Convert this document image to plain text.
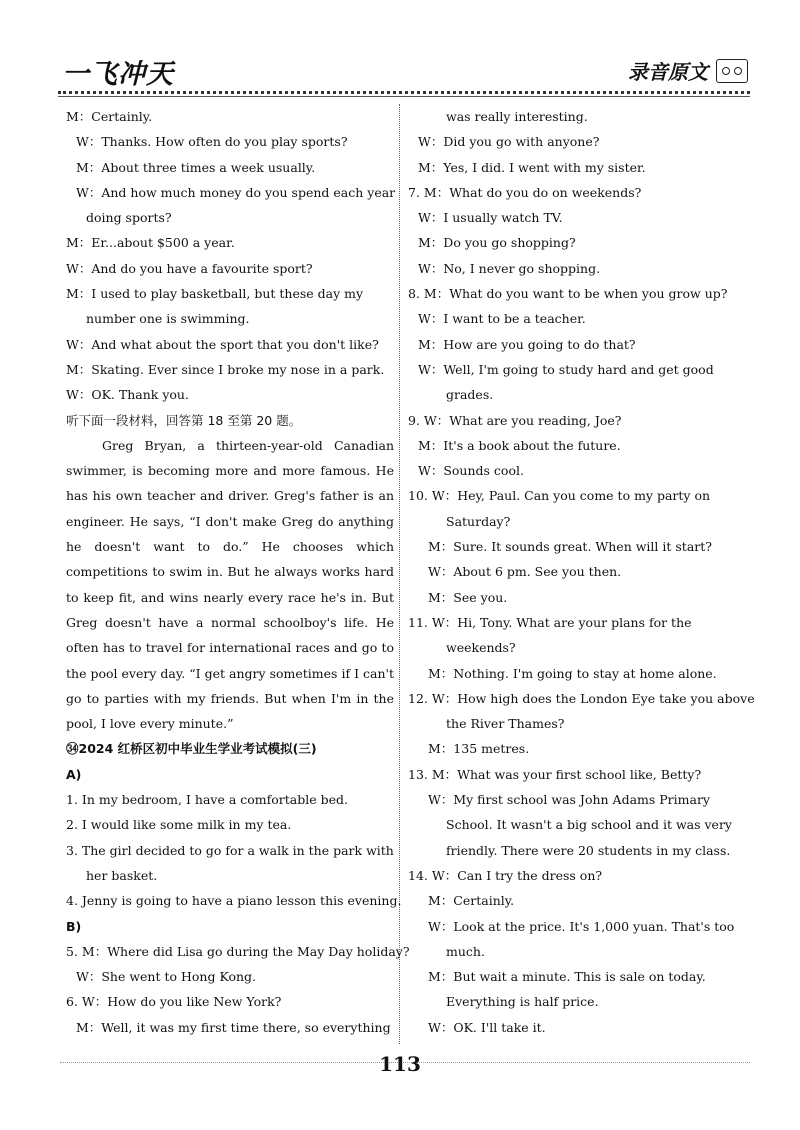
一飞冲天	录音原文
M：Certainly.
W：Thanks. How often do you play sports?
M：About three times a week usually.
W：And how much money do you spend each year
doing sports?
M：Er...about $500 a year.
W：And do you have a favourite sport?
M：I used to play basketball, but these day my
number one is swimming.
W：And what about the sport that you don't like?
M：Skating. Ever since I broke my nose in a park.
W：OK. Thank you.
听下面一段材料，回答第 18 至第 20 题。
Greg Bryan, a thirteen-year-old Canadian swimmer, is becoming more and more famous. He has his own teacher and driver. Greg's father is an engineer. He says, “I don't make Greg do anything he doesn't want to do.” He chooses which competitions to swim in. But he always works hard to keep fit, and wins nearly every race he's in. But Greg doesn't have a normal schoolboy's life. He often has to travel for international races and go to the pool every day. “I get angry sometimes if I can't go to parties with my friends. But when I'm in the pool, I love every minute.”
㉞2024 红桥区初中毕业生学业考试模拟(三)
A)
1. In my bedroom, I have a comfortable bed.
2. I would like some milk in my tea.
3. The girl decided to go for a walk in the park with
her basket.
4. Jenny is going to have a piano lesson this evening.
B)
5. M：Where did Lisa go during the May Day holiday?
W：She went to Hong Kong.
6. W：How do you like New York?
M：Well, it was my first time there, so everything
was really interesting.
W：Did you go with anyone?
M：Yes, I did. I went with my sister.
7. M：What do you do on weekends?
W：I usually watch TV.
M：Do you go shopping?
W：No, I never go shopping.
8. M：What do you want to be when you grow up?
W：I want to be a teacher.
M：How are you going to do that?
W：Well, I'm going to study hard and get good
grades.
9. W：What are you reading, Joe?
M：It's a book about the future.
W：Sounds cool.
10. W：Hey, Paul. Can you come to my party on
Saturday?
M：Sure. It sounds great. When will it start?
W：About 6 pm. See you then.
M：See you.
11. W：Hi, Tony. What are your plans for the
weekends?
M：Nothing. I'm going to stay at home alone.
12. W：How high does the London Eye take you above
the River Thames?
M：135 metres.
13. M：What was your first school like, Betty?
W：My first school was John Adams Primary
School. It wasn't a big school and it was very
friendly. There were 20 students in my class.
14. W：Can I try the dress on?
M：Certainly.
W：Look at the price. It's 1,000 yuan. That's too
much.
M：But wait a minute. This is sale on today.
Everything is half price.
W：OK. I'll take it.
113
